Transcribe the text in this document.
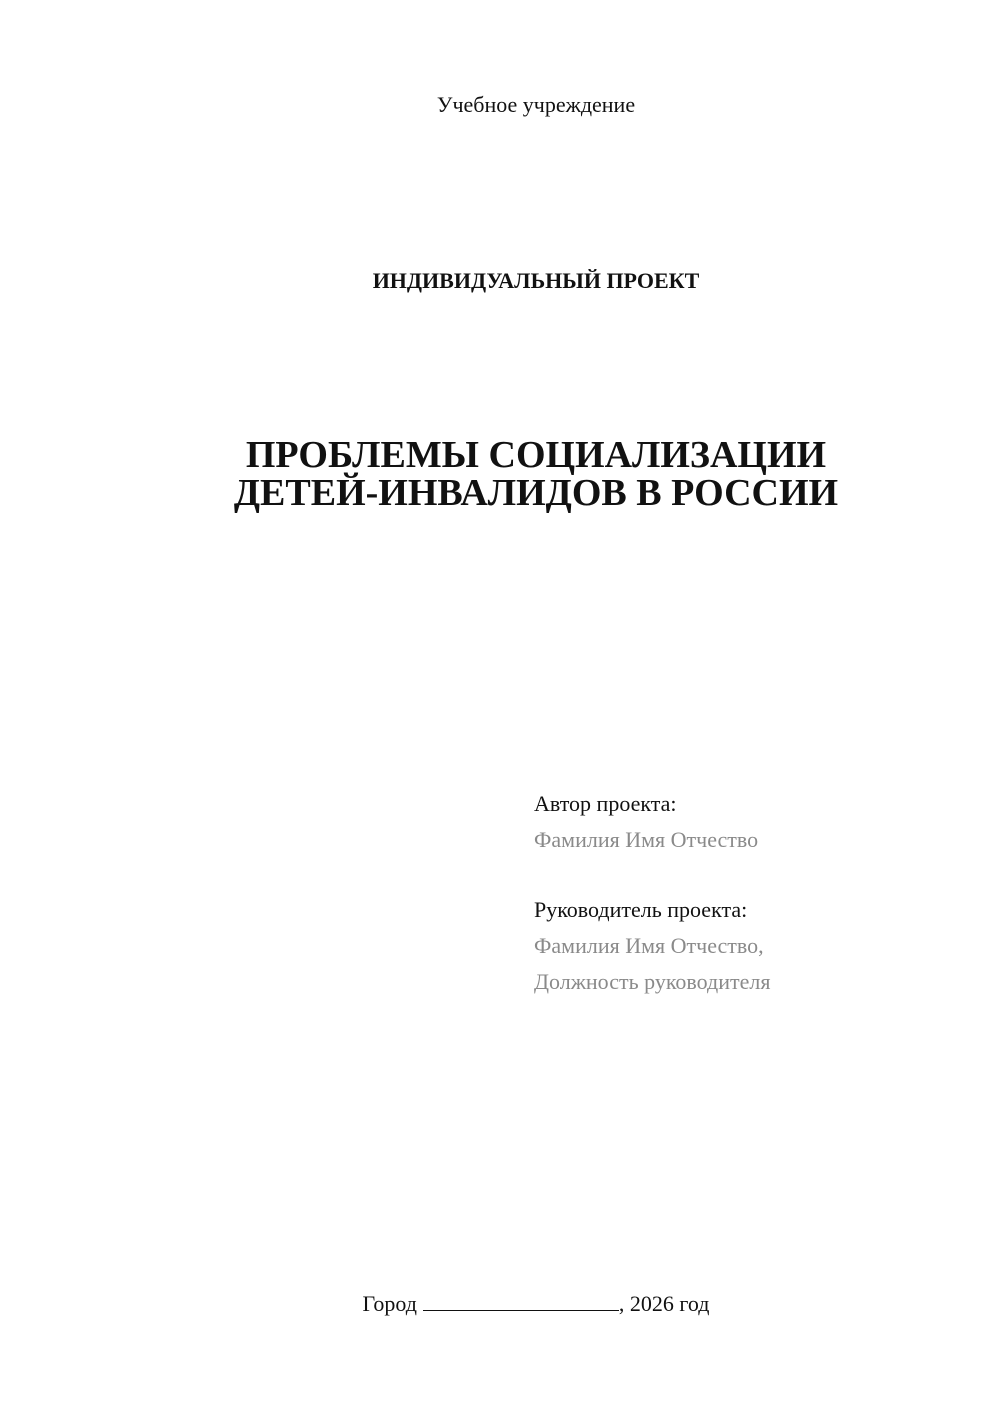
Учебное учреждение

ИНДИВИДУАЛЬНЫЙ ПРОЕКТ

ПРОБЛЕМЫ СОЦИАЛИЗАЦИИ
ДЕТЕЙ-ИНВАЛИДОВ В РОССИИ
Автор проекта:
Фамилия Имя Отчество
Руководитель проекта:
Фамилия Имя Отчество,
Должность руководителя

Город	, 2026 год
